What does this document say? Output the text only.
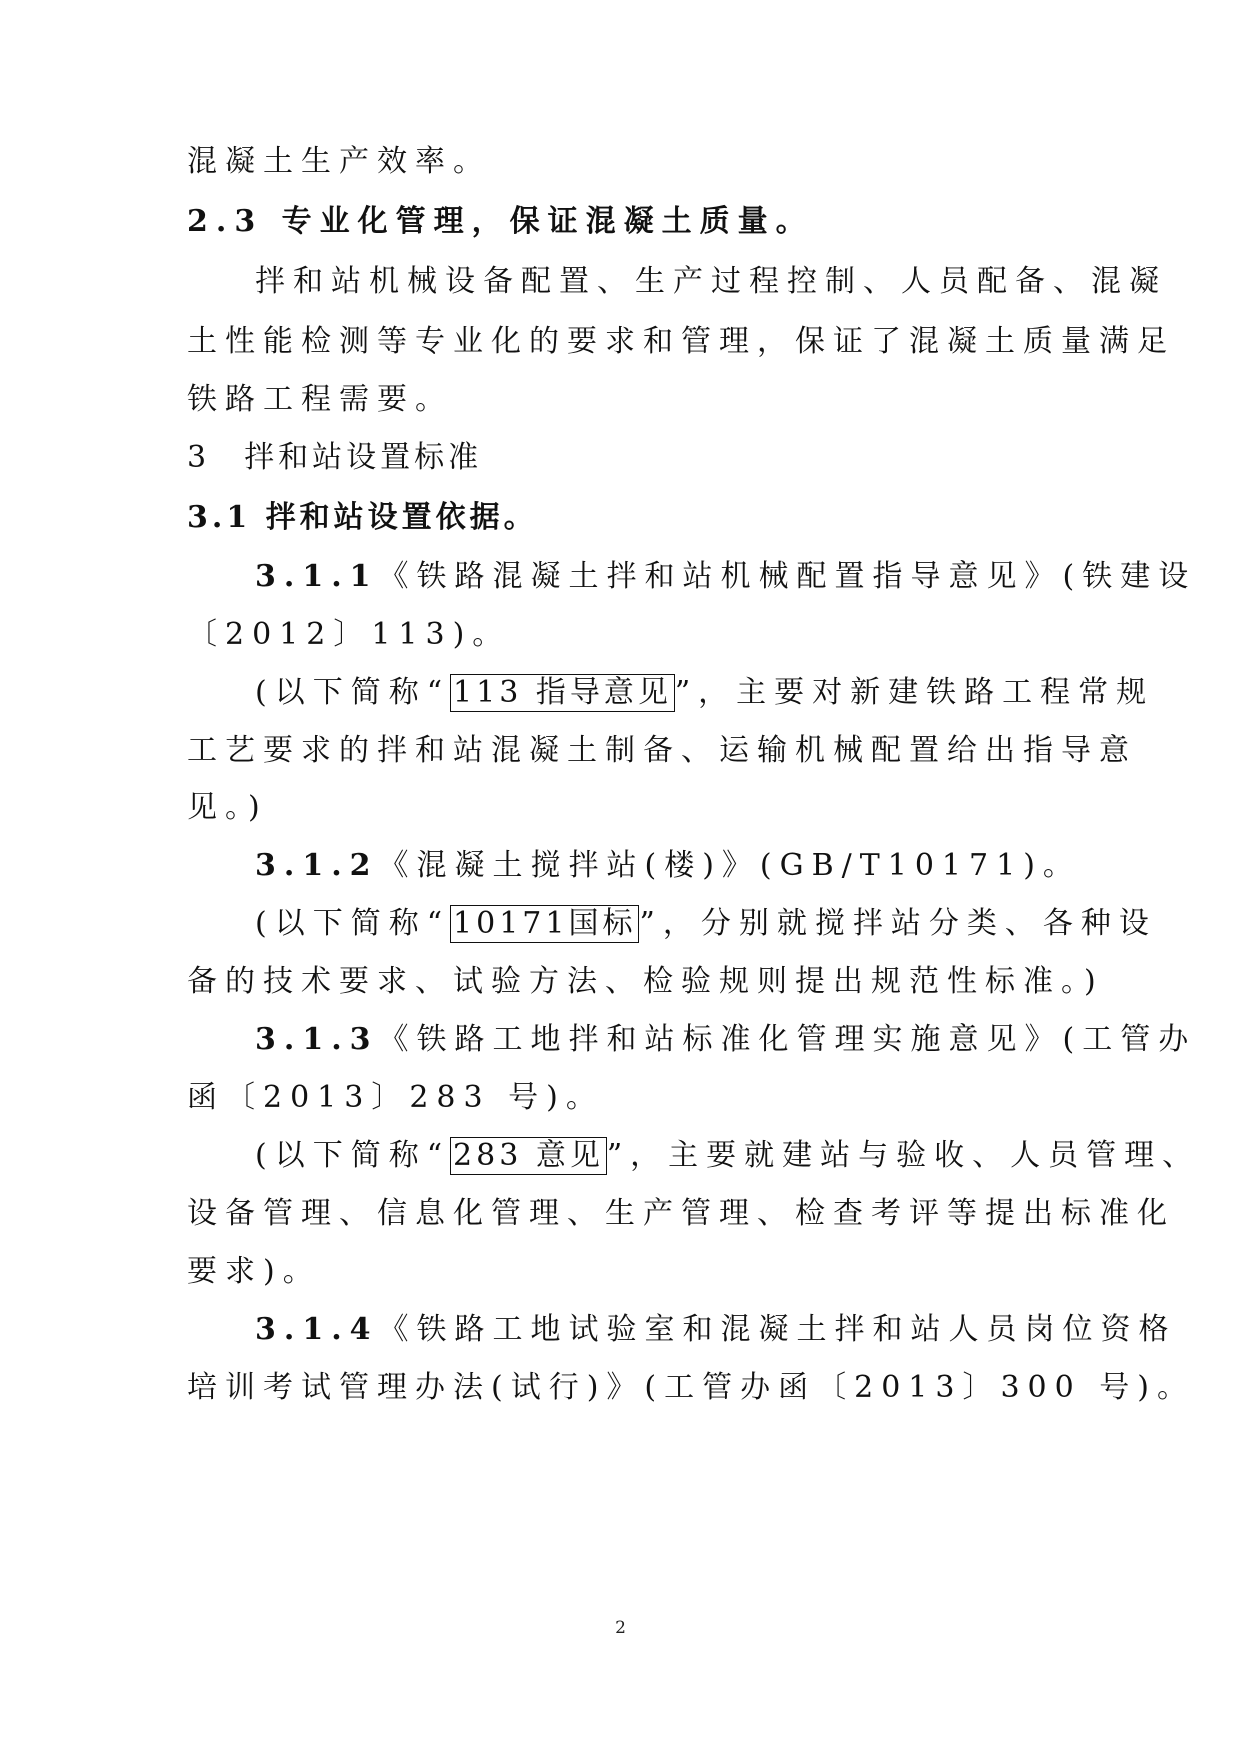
混凝土生产效率。
2.3 专业化管理，保证混凝土质量。
拌和站机械设备配置、生产过程控制、人员配备、混凝
土性能检测等专业化的要求和管理，保证了混凝土质量满足
铁路工程需要。
3　拌和站设置标准
3.1 拌和站设置依据。
3.1.1《铁路混凝土拌和站机械配置指导意见》(铁建设
〔2012〕113)。
(以下简称“ 113 指导意见 ”，主要对新建铁路工程常规
工艺要求的拌和站混凝土制备、运输机械配置给出指导意
见。)
3.1.2《混凝土搅拌站(楼)》(GB/T10171)。
(以下简称“ 10171国标 ”，分别就搅拌站分类、各种设
备的技术要求、试验方法、检验规则提出规范性标准。)
3.1.3《铁路工地拌和站标准化管理实施意见》(工管办
函〔2013〕283 号)。
(以下简称“ 283 意见 ”，主要就建站与验收、人员管理、
设备管理、信息化管理、生产管理、检查考评等提出标准化
要求)。
3.1.4《铁路工地试验室和混凝土拌和站人员岗位资格
培训考试管理办法(试行)》(工管办函〔2013〕300 号)。
2
